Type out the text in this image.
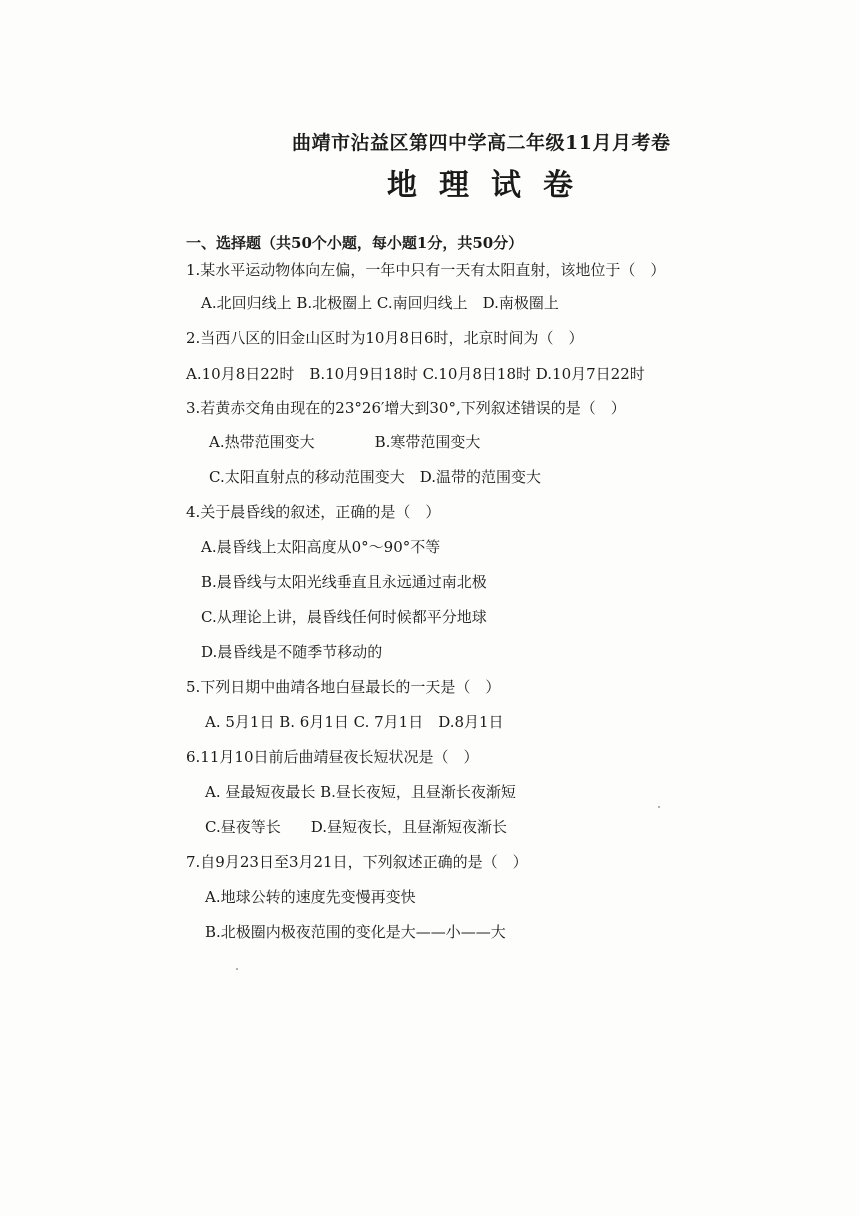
曲靖市沾益区第四中学高二年级11月月考卷
地理试卷
一、选择题（共50个小题，每小题1分，共50分）
1.某水平运动物体向左偏，一年中只有一天有太阳直射，该地位于（　）
A.北回归线上 B.北极圈上 C.南回归线上　D.南极圈上
2.当西八区的旧金山区时为10月8日6时，北京时间为（　）
A.10月8日22时　B.10月9日18时 C.10月8日18时 D.10月7日22时
3.若黄赤交角由现在的23°26′增大到30°,下列叙述错误的是（　）
A.热带范围变大　　　　B.寒带范围变大
C.太阳直射点的移动范围变大　D.温带的范围变大
4.关于晨昏线的叙述，正确的是（　）
A.晨昏线上太阳高度从0°～90°不等
B.晨昏线与太阳光线垂直且永远通过南北极
C.从理论上讲，晨昏线任何时候都平分地球
D.晨昏线是不随季节移动的
5.下列日期中曲靖各地白昼最长的一天是（　）
A. 5月1日 B. 6月1日 C. 7月1日　D.8月1日
6.11月10日前后曲靖昼夜长短状况是（　）
A. 昼最短夜最长 B.昼长夜短，且昼渐长夜渐短
C.昼夜等长　　D.昼短夜长，且昼渐短夜渐长
7.自9月23日至3月21日，下列叙述正确的是（　）
A.地球公转的速度先变慢再变快
B.北极圈内极夜范围的变化是大——小——大
